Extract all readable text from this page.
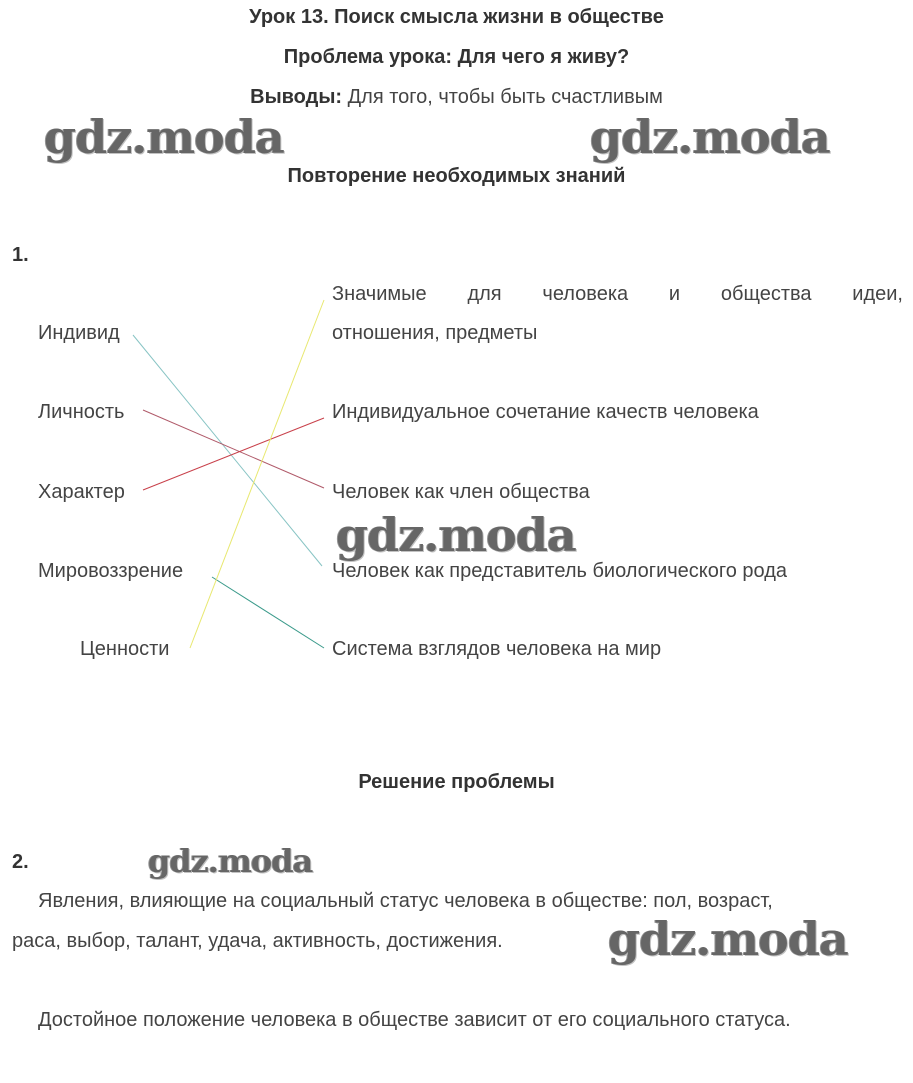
Урок 13. Поиск смысла жизни в обществе
Проблема урока: Для чего я живу?
Выводы: Для того, чтобы быть счастливым
gdz.moda	gdz.moda
Повторение необходимых знаний
1.
Индивид
Личность
Характер
Мировоззрение
Ценности
Значимые для человека и общества идеи,
отношения, предметы
Индивидуальное сочетание качеств человека
Человек как член общества
Человек как представитель биологического рода
Система взглядов человека на мир
gdz.moda
Решение проблемы
2.	gdz.moda
Явления, влияющие на социальный статус человека в обществе: пол, возраст,
раса, выбор, талант, удача, активность, достижения. gdz.moda
Достойное положение человека в обществе зависит от его социального статуса.
